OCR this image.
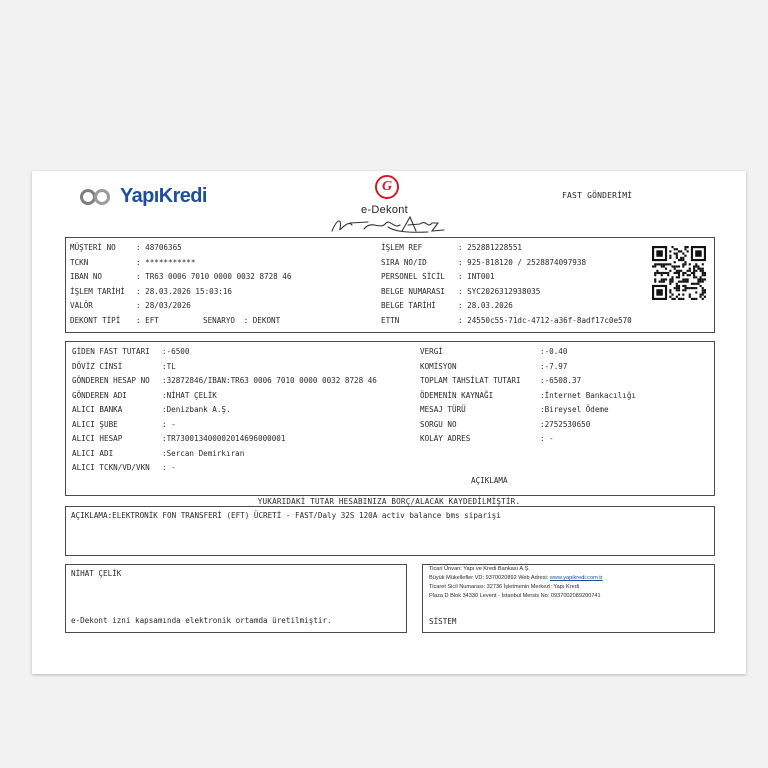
YapıKredi	G
e-Dekont
FAST GÖNDERİMİ
MÜŞTERİ NO	: 48706365
TCKN	: ***********
IBAN NO	: TR63 0006 7010 0000 0032 8728 46
İŞLEM TARİHİ : 28.03.2026 15:03:16
VALÖR	: 28/03/2026
DEKONT TİPİ : EFT
İŞLEM REF	: 252881228551
SIRA NO/ID	: 925-818120 / 2528874097938
PERSONEL SİCİL : INT001
BELGE NUMARASI : SYC2026312938035
BELGE TARİHİ	: 28.03.2026
ETTN	: 24550c55-71dc-4712-a36f-8adf17c0e570
SENARYO : DEKONT
GİDEN FAST TUTARI :-6500
DÖVİZ CİNSİ	:TL
GÖNDEREN HESAP NO :32872846/IBAN:TR63 0006 7010 0000 0032 8728 46
GÖNDEREN ADI	:NİHAT ÇELİK
ALICI BANKA	:Denizbank A.Ş.
ALICI ŞUBE	: -
ALICI HESAP	:TR730013400002014696000001
ALICI ADI	:Sercan Demirkıran
ALICI TCKN/VD/VKN : -
VERGİ	:-0.40
KOMİSYON	:-7.97
TOPLAM TAHSİLAT TUTARI	:-6508.37
ÖDEMENİN KAYNAĞI	:İnternet Bankacılığı
MESAJ TÜRÜ	:Bireysel Ödeme
SORGU NO	:2752530650
KOLAY ADRES	: -
AÇIKLAMA
YUKARIDAKİ TUTAR HESABINIZA BORÇ/ALACAK KAYDEDİLMİŞTİR.
AÇIKLAMA:ELEKTRONİK FON TRANSFERİ (EFT) ÜCRETİ - FAST/Daly 32S 120A activ balance bms siparişi
NİHAT ÇELİK
e-Dekont izni kapsamında elektronik ortamda üretilmiştir.
Ticari Ünvan: Yapı ve Kredi Bankası A.Ş.
Büyük Mükellefler VD: 9370020892 Web Adresi: www.yapikredi.com.tr
Ticaret Sicil Numarası: 32736 İşletmenin Merkezi: Yapı Kredi
Plaza D Blok 34330 Levent - İstanbul Mersis No: 0937002089200741
SİSTEM
